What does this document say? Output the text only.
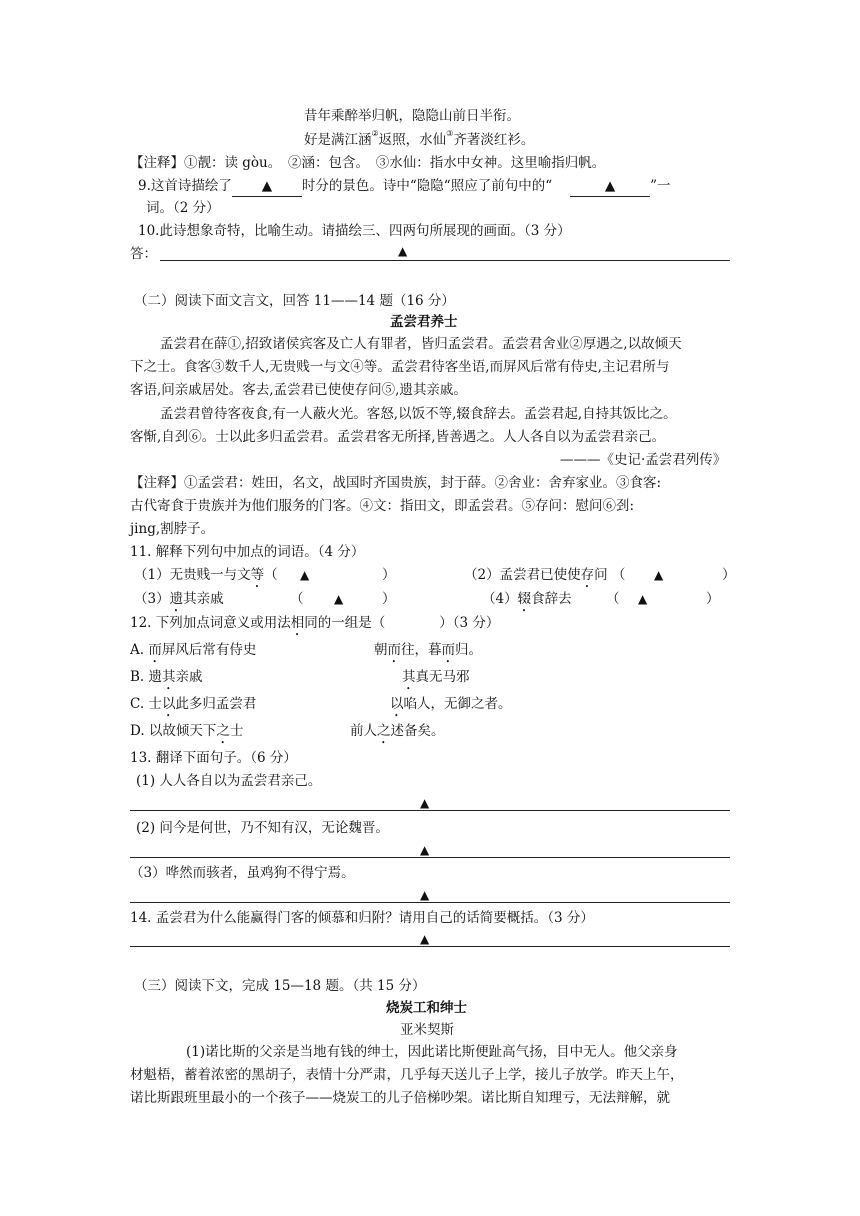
昔年乘醉举归帆，隐隐山前日半衔。
好是满江涵②返照，水仙③齐著淡红衫。
【注释】①靓：读 gòu。　②涵：包含。　③水仙：指水中女神。这里喻指归帆。
9.这首诗描绘了 ▲ 时分的景色。诗中“隐隐“照应了前句中的“	▲	”一
词。（2 分）
10.此诗想象奇特，比喻生动。请描绘三、四两句所展现的画面。（3 分）
答：	▲
（二）阅读下面文言文，回答 11——14 题（16 分）
孟尝君养士
孟尝君在薛①,招致诸侯宾客及亡人有罪者，皆归孟尝君。孟尝君舍业②厚遇之,以故倾天
下之士。食客③数千人,无贵贱一与文④等。孟尝君待客坐语,而屏风后常有侍史,主记君所与
客语,问亲戚居处。客去,孟尝君已使使存问⑤,遗其亲戚。
孟尝君曾待客夜食,有一人蔽火光。客怒,以饭不等,辍食辞去。孟尝君起,自持其饭比之。
客惭,自刭⑥。士以此多归孟尝君。孟尝君客无所择,皆善遇之。人人各自以为孟尝君亲己。
———《史记·孟尝君列传》
【注释】①孟尝君：姓田，名文，战国时齐国贵族，封于薛。②舍业：舍弃家业。③食客:
古代寄食于贵族并为他们服务的门客。④文：指田文，即孟尝君。⑤存问：慰问⑥刭:
jing,割脖子。
11. 解释下列句中加点的词语。（4 分）
（1）无贵贱一与文等（ ▲	）	（2）孟尝君已使使存问 （ ▲	）
（3）遗其亲戚	（	▲	）	（4）辍食辞去	（ ▲	）
12. 下列加点词意义或用法相同的一组是（　　　　）（3 分）
A. 而屏风后常有侍史	朝而往，暮而归。
B. 遗其亲戚	其真无马邪
C. 士以此多归孟尝君	以啗人，无御之者。
D. 以故倾天下之士	前人之述备矣。
13. 翻译下面句子。（6 分）
(1) 人人各自以为孟尝君亲己。
▲
(2) 问今是何世，乃不知有汉，无论魏晋。
▲
（3）哗然而骇者，虽鸡狗不得宁焉。
▲
14. 孟尝君为什么能赢得门客的倾慕和归附？请用自己的话简要概括。（3 分）
▲
（三）阅读下文，完成 15—18 题。（共 15 分）
烧炭工和绅士
亚米契斯
(1)诺比斯的父亲是当地有钱的绅士，因此诺比斯便趾高气扬，目中无人。他父亲身
材魁梧，蓄着浓密的黑胡子，表情十分严肃，几乎每天送儿子上学，接儿子放学。昨天上午，
诺比斯跟班里最小的一个孩子——烧炭工的儿子倍梯吵架。诺比斯自知理亏，无法辩解，就
